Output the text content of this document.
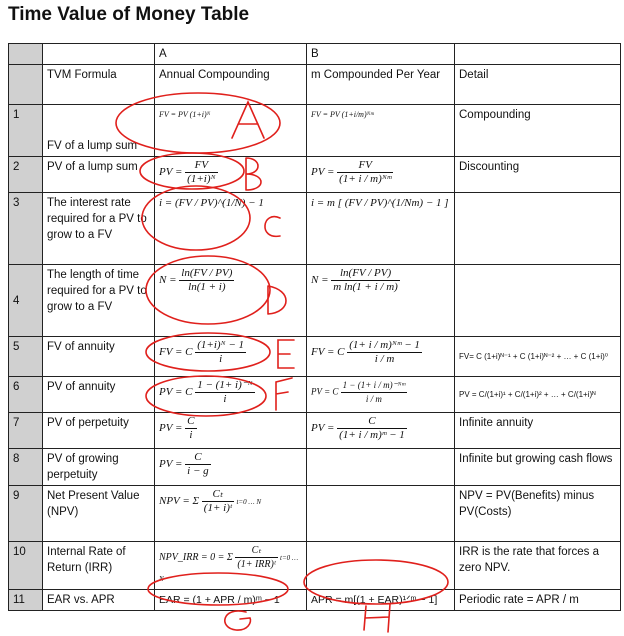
Time Value of Money Table
		A	B	
	TVM Formula	Annual Compounding	m Compounded Per Year	Detail
1	FV of a lump sum	FV = PV (1+i)ᴺ	FV = PV (1+i/m)ᴺᵐ	Compounding
2	PV of a lump sum	PV = $\frac{FV}{\text{(1+i)ᴺ}}$	PV = $\frac{FV}{\text{(1+ i / m)ᴺᵐ}}$	Discounting
3	The interest rate required for a PV to grow to a FV	i = (FV / PV)^(1/N) − 1	i = m [ (FV / PV)^(1/Nm) − 1 ]	
4	The length of time required for a PV to grow to a FV	$N = \frac{\ln(FV / PV)}{\ln(1 + i)}$	$N = \frac{\ln(FV / PV)}{\text{m ln(1 + i / m)}}$

5	FV of annuity	FV = C $\frac{\text{(1+i)ᴺ − 1}}{i}$	FV = C $\frac{\text{(1+ i / m)ᴺᵐ − 1}}{i / m}$	FV= C (1+i)ᴺ⁻¹ + C (1+i)ᴺ⁻² + … + C (1+i)⁰
6	PV of annuity	PV = C $\frac{\text{1 − (1+ i)⁻ᴺ}}{i}$	PV = C $\frac{\text{1 − (1+ i / m)⁻ᴺᵐ}}{i / m}$	PV = C/(1+i)¹ + C/(1+i)² + … + C/(1+i)ᴺ
7	PV of perpetuity	PV = $\frac{C}{i}$	PV = $\frac{C}{\text{(1+ i / m)ᵐ − 1}}$	Infinite annuity
8	PV of growing perpetuity	PV = $\frac{C}{i - g}$		Infinite but growing cash flows
9	Net Present Value (NPV)	NPV = Σ $\frac{\text{Cₜ}}{\text{(1+ i)ᵗ}} t=0$ … N		NPV = PV(Benefits) minus PV(Costs)
10	Internal Rate of Return (IRR)	NPV_IRR = 0 = Σ $\frac{\text{Cₜ}}{\text{(1+ IRR)ᵗ}} t=0$ … N		IRR is the rate that forces a zero NPV.
11	EAR vs. APR	EAR = (1 + APR / m)ᵐ − 1	APR = m[(1 + EAR)¹ᐟᵐ − 1]	Periodic rate = APR / m
